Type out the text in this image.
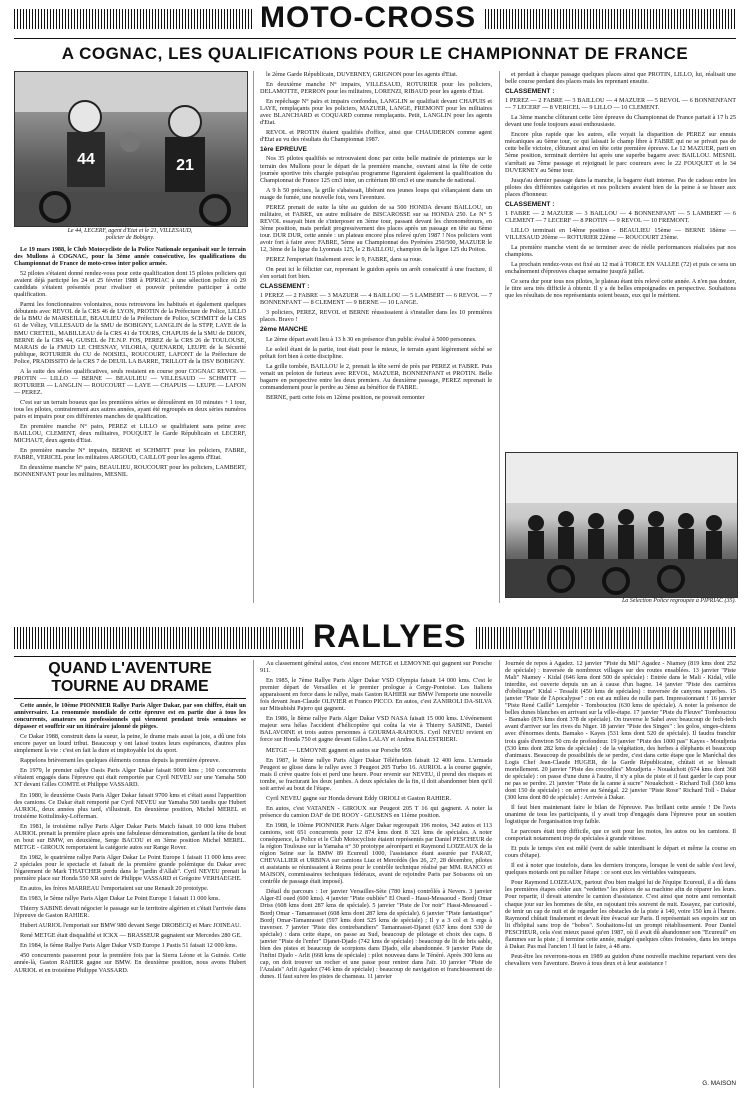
MOTO-CROSS
A COGNAC, LES QUALIFICATIONS POUR LE CHAMPIONNAT DE FRANCE
44	21
Le 44, LECERF, agent d'Etat et le 21, VILLESAUD,
policier de Bobigny.

Le 19 mars 1988, le Club Motocycliste de la Police Nationale organisait sur le terrain des Mullons à COGNAC, pour la 3ème année consécutive, les qualifications du Championnat de France de moto-cross inter police armée.

52 pilotes s'étaient donné rendez-vous pour cette qualification dont 15 pilotes policiers qui avaient déjà participé les 24 et 25 février 1988 à PIPRIAC à une sélection police où 29 candidats s'étaient présentés pour rivaliser et pouvoir prétendre participer à cette qualification.

Parmi les fonctionnaires volontaires, nous retrouvons les habitués et également quelques débutants avec REVOL de la CRS 46 de LYON, PROTIN de la Préfecture de Police, LILLO de la BMU de MARSEILLE, BEAULIEU de la Préfecture de Police, SCHMITT de la CRS 61 de Vélizy, VILLESAUD de la SMU de BOBIGNY, LANGLIN de la STPP, LAYE de la BMU CRETEIL, MABILLEAU de la CRS 41 de TOURS, CHAPUIS de la SMU de DIJON, BERNE de la CRS 44, GUISEL de l'E.N.P. FOS, PEREZ de la CRS 26 de TOULOUSE, MARAIS de la FMUD LE CHESNAY, VILORIA, QUENARDI, LEUPE de la Sécurité publique, ROTURIER du CU de NOISIEL, ROUCOURT, LAFONT de la Préfecture de Police, PRADISSITO de la CRS 7 de DEUIL LA BARRE, TRILLOT de la DSV BOBIGNY.

A la suite des séries qualificatives, seuls restaient en course pour COGNAC REVOL — PROTIN — LILLO — BERNE — BEAULIEU — VILLESAUD — SCHMITT — ROTURIER — LANGLIN — ROUCOURT — LAYE — CHAPUIS — LEUPE — LAFON — PEREZ.

C'est sur un terrain boueux que les premières séries se déroulèrent en 10 minutes + 1 tour, tous les pilotes, contrairement aux autres années, ayant été regroupés en deux séries numéros pairs et impairs pour ces différentes manches de qualification.

En première manche N° pairs, PEREZ et LILLO se qualifiaient sans peine avec BAILLOU, CLEMENT, deux militaires, FOUQUET le Garde Républicain et LECERF, MICHAUT, deux agents d'Etat.

En première manche N° impairs, BERNE et SCHMITT pour les policiers, FABRE, FABRE, VERICEL pour les militaires ARGOUD, CAILLOT pour les agents d'Etat.

En deuxième manche N° pairs, BEAULIEU, ROUCOURT pour les policiers, LAMBERT, BONNENFANT pour les militaires, MESNIL

le 2ème Garde Républicain, DUVERNEY, GRIGNON pour les agents d'Etat.

En deuxième manche N° impairs, VILLESAUD, ROTURIER pour les policiers, DELAMOTTE, PERRON pour les militaires, LORENZI, RIBAUD pour les agents d'Etat.

En repêchage N° pairs et impairs confondus, LANGLIN se qualifiait devant CHAPUIS et LAYE, remplaçants pour les policiers, MAZUER, LANGE, FREMONT pour les militaires avec BLANCHARD et COQUARD comme remplaçants. Petit, LANGLIN pour les agents d'Etat.

REVOL et PROTIN étaient qualifiés d'office, ainsi que CHAUDERON comme agent d'Etat au vu des résultats du Championnat 1987.

1ère EPREUVE

Nos 35 pilotes qualifiés se retrouvaient donc par cette belle matinée de printemps sur le terrain des Mullons pour le départ de la première manche, ouvrant ainsi la fête de cette journée sportive très chargée puisqu'au programme figuraient également la qualification du Championnat de France 125 cm3 inter, un critérium 80 cm3 et une manche de national.

A 9 h 50 précises, la grille s'abaissait, libérant nos jeunes loups qui s'élançaient dans un nuage de fumée, une nouvelle fois, vers l'aventure.

PEREZ prenait de suite la tête au guidon de sa 500 HONDA devant BAILLOU, un militaire, et FABRE, un autre militaire de BISCAROSSE sur sa HONDA 250. Le N° 5 REVOL essayait bien de s'interposer en 3ème tour, passant devant les chronométreurs, en 3ème position, mais perdait progressivement des places après un passage en tête au 6ème tour. DUR DUR, cette année : un plateau encore plus relevé qu'en 1987 ! Nos policiers vont avoir fort à faire avec FABRE, 5ème au Championnat des Pyrénées 250/500, MAZUER le 12, 3ème de la ligue du Lyonnais 125, le 2 BAILLOU, champion de la ligue 125 du Poitou.

PEREZ l'emportait finalement avec le 9, FABRE, dans sa roue.

On peut ici le féliciter car, reprenant le guidon après un arrêt consécutif à une fracture, il s'en sortait fort bien.

CLASSEMENT :

1 PEREZ — 2 FABRE — 3 MAZUER — 4 BAILLOU — 5 LAMBERT — 6 REVOL — 7 BONNENFANT — 8 CLEMENT — 9 BERNE — 10 LANGE.

3 policiers, PEREZ, REVOL et BERNE réussissaient à s'installer dans les 10 premières places. Bravo !

2ème MANCHE

Le 2ème départ avait lieu à 13 h 30 en présence d'un public évalué à 5000 personnes.

Le soleil étant de la partie, tout était pour le mieux, le terrain ayant légèrement séché se prêtait fort bien à cette discipline.

La grille tombée, BAILLOU le 2, prenait la tête serré de près par PEREZ et FABRE. Puis venait un peloton de furieux avec REVOL, MAZUER, BONNENFANT et PROTIN. Belle bagarre en perspective entre les deux premiers. Au deuxième passage, PEREZ reprenait le commandement pour le perdre au 3ème au bénéfice de FABRE.

BERNE, parti cette fois en 12ème position, ne pouvait remonter

et perdait à chaque passage quelques places ainsi que PROTIN, LILLO, lui, réalisait une belle course perdant des places mais les reprenant ensuite.

CLASSEMENT :

1 PEREZ — 2 FABRE — 3 BAILLOU — 4 MAZUER — 5 REVOL — 6 BONNENFANT — 7 LECERF — 8 VERICEL — 9 LILLO — 10 CLEMENT.

La 3ème manche clôturant cette 1ère épreuve du Championnat de France partait à 17 h 25 devant une foule toujours aussi enthousiaste.

Encore plus rapide que les autres, elle voyait la disparition de PEREZ sur ennuis mécaniques au 6ème tour, ce qui laissait le champ libre à FABRE qui ne se privait pas de cette belle victoire, clôturant ainsi en tête cette première épreuve. Le 12 MAZUER, parti en 5ème position, terminait derrière lui après une superbe bagarre avec BAILLOU. MESNIL s'arrêtait au 7ème passage et rejoignait le parc coureurs avec le 22 FOUQUET et le 34 DUVERNEY au 5ème tour.

Jusqu'au dernier passage dans la manche, la bagarre était intense. Pas de cadeau entre les pilotes des différentes catégories et nos policiers avaient bien de la peine à se hisser aux places d'honneur.

CLASSEMENT :

1 FABRE — 2 MAZUER — 3 BAILLOU — 4 BONNENFANT — 5 LAMBERT — 6 CLEMENT — 7 LECERF — 8 PROTIN — 9 REVOL — 10 FREMONT.

LILLO terminait en 14ème position - BEAULIEU 15ème — BERNE 18ème — VILLESAUD 20ème — ROTURIER 22ème — ROUCOURT 23ème.

La première manche vient de se terminer avec de réelle performances réalisées par nos champions.

La prochain rendez-vous est fixé au 12 mai à TORCE EN VALLEE (72) et puis ce sera un enchaînement d'épreuves chaque semaine jusqu'à juillet.

Ce sera dur pour tous nos pilotes, le plateau étant très relevé cette année. A n'en pas douter, le titre sera très difficile à obtenir. Il y a de belles empoignades en perspective. Souhaitons que les résultats de nos représentants soient beaux, eux qui le méritent.

La Sélection Police regroupée à PIPRIAC (35).
RALLYES
QUAND L'AVENTURE
TOURNE AU DRAME

Cette année, le 10ème PIONNIER Rallye Paris Alger Dakar, par son chiffre, était un anniversaire. La renommée mondiale de cette épreuve est en partie due à tous les concurrents, amateurs ou professionnels qui viennent pendant trois semaines se dépasser et souffrir sur un itinéraire jalonné de pièges.

Ce Dakar 1988, construit dans la sueur, la peine, le drame mais aussi la joie, a dû une fois encore payer un lourd tribut. Beaucoup y ont laissé toutes leurs espérances, d'autres plus simplement la vie : c'est en fait la dure et impitoyable loi du sport.

Rappelons brièvement les quelques éléments connus depuis la première épreuve.

En 1979, le premier rallye Oasis Paris Alger Dakar faisait 9000 kms ; 160 concurrents s'étaient engagés dans l'épreuve qui était remportée par Cyril NEVEU sur une Yamaha 500 XT devant Gilles COMTE et Philippe VASSARD.

En 1980, le deuxième Oasis Paris Alger Dakar faisait 9700 kms et c'était aussi l'apparition des camions. Ce Dakar était remporté par Cyril NEVEU sur Yamaha 500 tandis que Hubert AURIOL, deux années plus tard, s'illustrait. En deuxième position, Michel MEREL et troisième Kottulinsky-Lofferman.

En 1981, le troisième rallye Paris Alger Dakar Paris Match faisait 10 000 kms Hubert AURIOL prenait la première place après une fabuleuse démonstration, gardant la tête de bout en bout sur BMW, en deuxième, Serge BACOU et en 3ème position Michel MEREL. METGE - GIROUX remportaient la catégorie autos sur Range Rover.

En 1982, le quatrième rallye Paris Alger Dakar Le Point Europe 1 faisait 11 000 kms avec 2 spéciales pour le spectacle et faisait de la première grande polémique du Dakar avec l'égarement de Mark THATCHER perdu dans le "jardin d'Allah". Cyril NEVEU prenait la première place sur Honda 550 XR suivi de Philippe VASSARD et Grégoire VERHAEGHE.

En autos, les frères MARREAU l'emportaient sur une Renault 20 prototype.

En 1983, le 5ème rallye Paris Alger Dakar Le Point Europe 1 faisait 11 000 kms.

Thierry SABINE devait négocier le passage sur le territoire algérien et c'était l'arrivée dans l'épreuve de Gaston RAHIER.

Hubert AURIOL l'emportait sur BMW 980 devant Serge DROBECQ et Marc JOINEAU.

René METGE était disqualifié et ICKX — BRASSEUR gagnaient sur Mercedes 280 GE.

En 1984, le 6ème Rallye Paris Alger Dakar VSD Europe 1 Pastis 51 faisait 12 000 kms.

450 concurrents passeront pour la première fois par la Sierra Léone et la Guinée. Cette année-là, Gaston RAHIER gagne sur BMW. En deuxième position, nous avons Hubert AURIOL et en troisième Philippe VASSARD.

Au classement général autos, c'est encore METGE et LEMOYNE qui gagnent sur Porsche 911.

En 1985, le 7ème Rallye Paris Alger Dakar VSD Olympia faisait 14 000 kms. C'est le premier départ de Versailles et le premier prologue à Cergy-Pontoise. Les Italiens apparaissent en force dans le rallye, mais Gaston RAHIER sur BMW l'emporte une nouvelle fois devant Jean-Claude OLIVIER et Franco PICCO. En autos, c'est ZANIROLI DA-SILVA sur Mitsubishi Pajero qui gagnent.

En 1986, le 8ème rallye Paris Alger Dakar VSD NASA faisait 15 000 kms. L'événement majeur sera hélas l'accident d'hélicoptère qui coûta la vie à Thierry SABINE, Daniel BALAVOINE et trois autres personnes à GOURMA-RAHOUS. Cyril NEVEU revient en force sur Honda 750 et gagne devant Gilles LALAY et Andrea BALESTRIERI.

METGE — LEMOYNE gagnent en autos sur Porsche 959.

En 1987, le 9ème rallye Paris Alger Dakar Téléfunken faisait 12 400 kms. L'armada Peugeot se glisse dans le rallye avec 3 Peugeot 205 Turbo 16. AURIOL a la course gagnée, mais il crève quatre fois et perd une heure. Pour revenir sur NEVEU, il prend des risques et tombe, se fracturant les deux jambes. A deux spéciales de la fin, il doit abandonner bien qu'il soit arrivé au bout de l'étape.

Cyril NEVEU gagne sur Honda devant Eddy ORIOLI et Gaston RAHIER.

En autos, c'est VATANEN - GIROUX sur Peugeot 205 T 16 qui gagnent. A noter la présence du camion DAF de DE ROOY - GEUSENS en 11ème position.

En 1988, le 10ème PIONNIER Paris Alger Dakar regroupait 196 motos, 342 autos et 113 camions, soit 651 concurrents pour 12 874 kms dont 8 321 kms de spéciales. A noter conséquence, la Police et le Club Motocycliste étaient représentés par Daniel PESCHEUR de la région Toulouse sur la Yamaha n° 30 prototype aéroréparti et Raymond LOIZEAUX de la région Seine sur la BMW 89 Ecureuil 1000, l'assistance étant assurée par FARAT, CHEVALLIER et URBINA sur camions Liaz et Mercédès (les 26, 27, 28 décembre, pilotes et assistants se réunissaient à Reims pour le contrôle technique réalisé par MM. RANCO et MAISON, commissaires techniques fédéraux, avant de rejoindre Paris par Soissons où un contrôle de passage était imposé).

Détail du parcours : 1er janvier Versailles-Sète (780 kms) contrôlés à Nevers. 3 janvier Alger-El oued (600 kms). 4 janvier "Piste oubliée" El Oued - Hassi-Messaoud - Bordj Omar Driss (608 kms dont 287 kms de spéciale). 5 janvier "Piste de l'or noir" Hassi-Messaoud - Bordj Omar - Tamanrasset (608 kms dont 287 kms de spéciale). 6 janvier "Piste fantastique" Bordj Omar-Tamanrasset (597 kms dont 525 kms de spéciale) ; Il y a 3 col et 3 ergs à traverser. 7 janvier "Piste des contrebandiers" Tamanrasset-Djanet (637 kms dont 530 de spéciale) : dans cette étape, on passe au Sud, beaucoup de pilotage et choix des caps. 8 janvier "Piste de l'enfer" Djanet-Djado (742 kms de spéciale) : beaucoup de lit de bris sable, bien des pistes et beaucoup de scorpions dans Djado, elle abandonnée. 9 janvier Piste de l'infini Djado - Arlit (668 kms de spéciale) : pilot nouveau dans le Ténéré. Après 300 kms au cap, on doit trouver un rocher et une passe pour rentrer dans l'aïr. 10 janvier "Piste de l'Azalais" Arlit Agadez (746 kms de spéciale) : beaucoup de navigation et franchissement de dunes. Il faut suivre les pistes de chameau. 11 janvier

Journée de repos à Agadez. 12 janvier "Piste du Mil" Agadez - Niamey (819 kms dont 252 de spéciale) : traversée de nombreux villages sur des routes ensablées. 13 janvier "Piste Mali" Niamey - Kidal (646 kms dont 500 de spéciale) : Entrée dans le Mali - Kidal, ville interdite, est ouverte depuis un an à cause d'un bagne. 14 janvier "Piste des carrières d'obélisque" Kidal - Tessalit (450 kms de spéciales) : traversée de canyons superbes. 15 janvier "Piste de l'Apocalypse" : on est au milieu de nulle part. Impressionnant ! 16 janvier "Piste René Caillé" Lemjebir - Tombouctou (630 kms de spéciale). A noter la présence de belles dunes blanches en arrivant sur la ville-étape. 17 janvier "Piste du Fleuve" Tombouctou - Bamako (876 kms dont 378 de spéciale). On traverse le Sahel avec beaucoup de fech-fech avant d'arriver sur les rives du Niger. 18 janvier "Piste des Singes" : les golos, singes-chiens avec d'énormes dents. Bamako - Kayes (531 kms dont 520 de spéciale). Il faudra franchir trois gués d'environ 50 cm de profondeur. 19 janvier "Piste des 1000 pas" Kayes - Moudjeria (530 kms dont 282 kms de spéciale) : de la végétation, des herbes à éléphants et beaucoup d'animaux. Beaucoup de possibilités de se perdre, c'est dans cette étape que le Maréchal des Logis Chef Jean-Claude HUGER, de la Garde Républicaine, chûtait et se blessait mortellement. 20 janvier "Piste des crocodiles" Moudjeria - Nouakchott (674 kms dont 368 de spéciale) : on passe d'une dune à l'autre, il n'y a plus de piste et il faut garder le cap pour ne pas se perdre. 21 janvier "Piste de la canne à sucre" Nouakchott - Richard Toll (360 kms dont 150 de spéciale) : on arrive au Sénégal. 22 janvier "Piste Rose" Richard Toll - Dakar (300 kms dont 80 de spéciale) : Arrivée à Dakar.

Il faut bien maintenant faire le bilan de l'épreuve. Pas brillant cette année ! De l'avis unanime de tous les participants, il y avait trop d'engagés dans l'épreuve pour un soutien logistique de l'organisation trop faible.

Le parcours était trop difficile, que ce soit pour les motos, les autos ou les camions. Il comportait notamment trop de spéciales à grande vitesse.

Et puis le temps s'en est mêlé (vent de sable interdisant le départ et même la course en cours d'étape).

Il est à noter que toutefois, dans les derniers tronçons, lorsque le vent de sable s'est levé, quelques motards ont pu rallier l'étape : ce sont eux les véritables vainqueurs.

Pour Raymond LOIZEAUX, partout d'ou bien malgré lui de l'équipe Ecureuil, il a dû dans les premières étapes céder aux "vedettes" les pièces de sa machine afin de réparer les leurs. Pour repartir, il devait attendre le camion d'assistance. C'est ainsi que notre ami remontait chaque jour sur les hommes de tête, en rajoutant très souvent de nuit. Essayez, par curiosité, de tenir un cap de nuit et de regarder les obstacles de la piste à 140, voire 150 km à l'heure. Raymond chûtait finalement et devait être évacué sur Paris. Il représentait ses espoirs sur un lit d'hôpital sans trop de "bobos". Souhaitons-lui un prompt rétablissement. Pour Daniel PESCHEUR, cela s'est mieux passé qu'en 1987, où il avait dû abandonner son "Ecureuil" en flammes sur la piste ; il termine cette année, malgré quelques côtes froissées, dans les temps à Dakar. Pas mal l'ancien ! Il faut le faire, à 48 ans.

Peut-être les reverrons-nous en 1989 au guidon d'une nouvelle machine repartant vers des chevaliers vers l'aventure. Bravo à tous deux et à leur assistance !

G. MAISON
